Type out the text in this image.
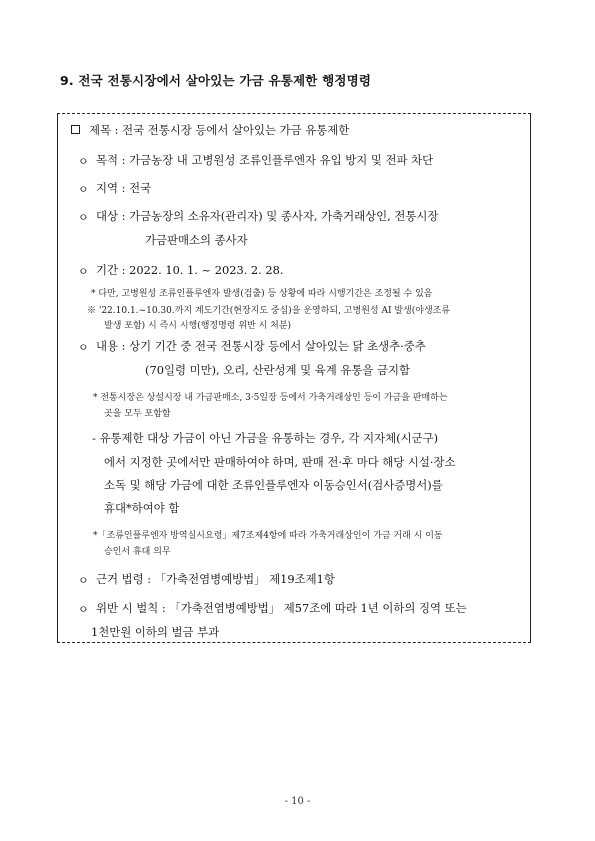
9. 전국 전통시장에서 살아있는 가금 유통제한 행정명령
제목 : 전국 전통시장 등에서 살아있는 가금 유통제한
ㅇ 목적 : 가금농장 내 고병원성 조류인플루엔자 유입 방지 및 전파 차단
ㅇ 지역 : 전국
ㅇ 대상 : 가금농장의 소유자(관리자) 및 종사자, 가축거래상인, 전통시장
가금판매소의 종사자
ㅇ 기간 : 2022. 10. 1. ~ 2023. 2. 28.
* 다만, 고병원성 조류인플루엔자 발생(검출) 등 상황에 따라 시행기간은 조정될 수 있음
※ '22.10.1.~10.30.까지 계도기간(현장지도 중심)을 운영하되, 고병원성 AI 발생(야생조류
발생 포함) 시 즉시 시행(행정명령 위반 시 처분)
ㅇ 내용 : 상기 기간 중 전국 전통시장 등에서 살아있는 닭 초생추·중추
(70일령 미만), 오리, 산란성계 및 육계 유통을 금지함
* 전통시장은 상설시장 내 가금판매소, 3·5일장 등에서 가축거래상인 등이 가금을 판매하는
곳을 모두 포함함
- 유통제한 대상 가금이 아닌 가금을 유통하는 경우, 각 지자체(시군구)
에서 지정한 곳에서만 판매하여야 하며, 판매 전·후 마다 해당 시설·장소
소독 및 해당 가금에 대한 조류인플루엔자 이동승인서(검사증명서)를
휴대*하여야 함
*「조류인플루엔자 방역실시요령」제7조제4항에 따라 가축거래상인이 가금 거래 시 이동
승인서 휴대 의무
ㅇ 근거 법령 : 「가축전염병예방법」 제19조제1항
ㅇ 위반 시 벌칙 : 「가축전염병예방법」 제57조에 따라 1년 이하의 징역 또는
1천만원 이하의 벌금 부과
- 10 -
